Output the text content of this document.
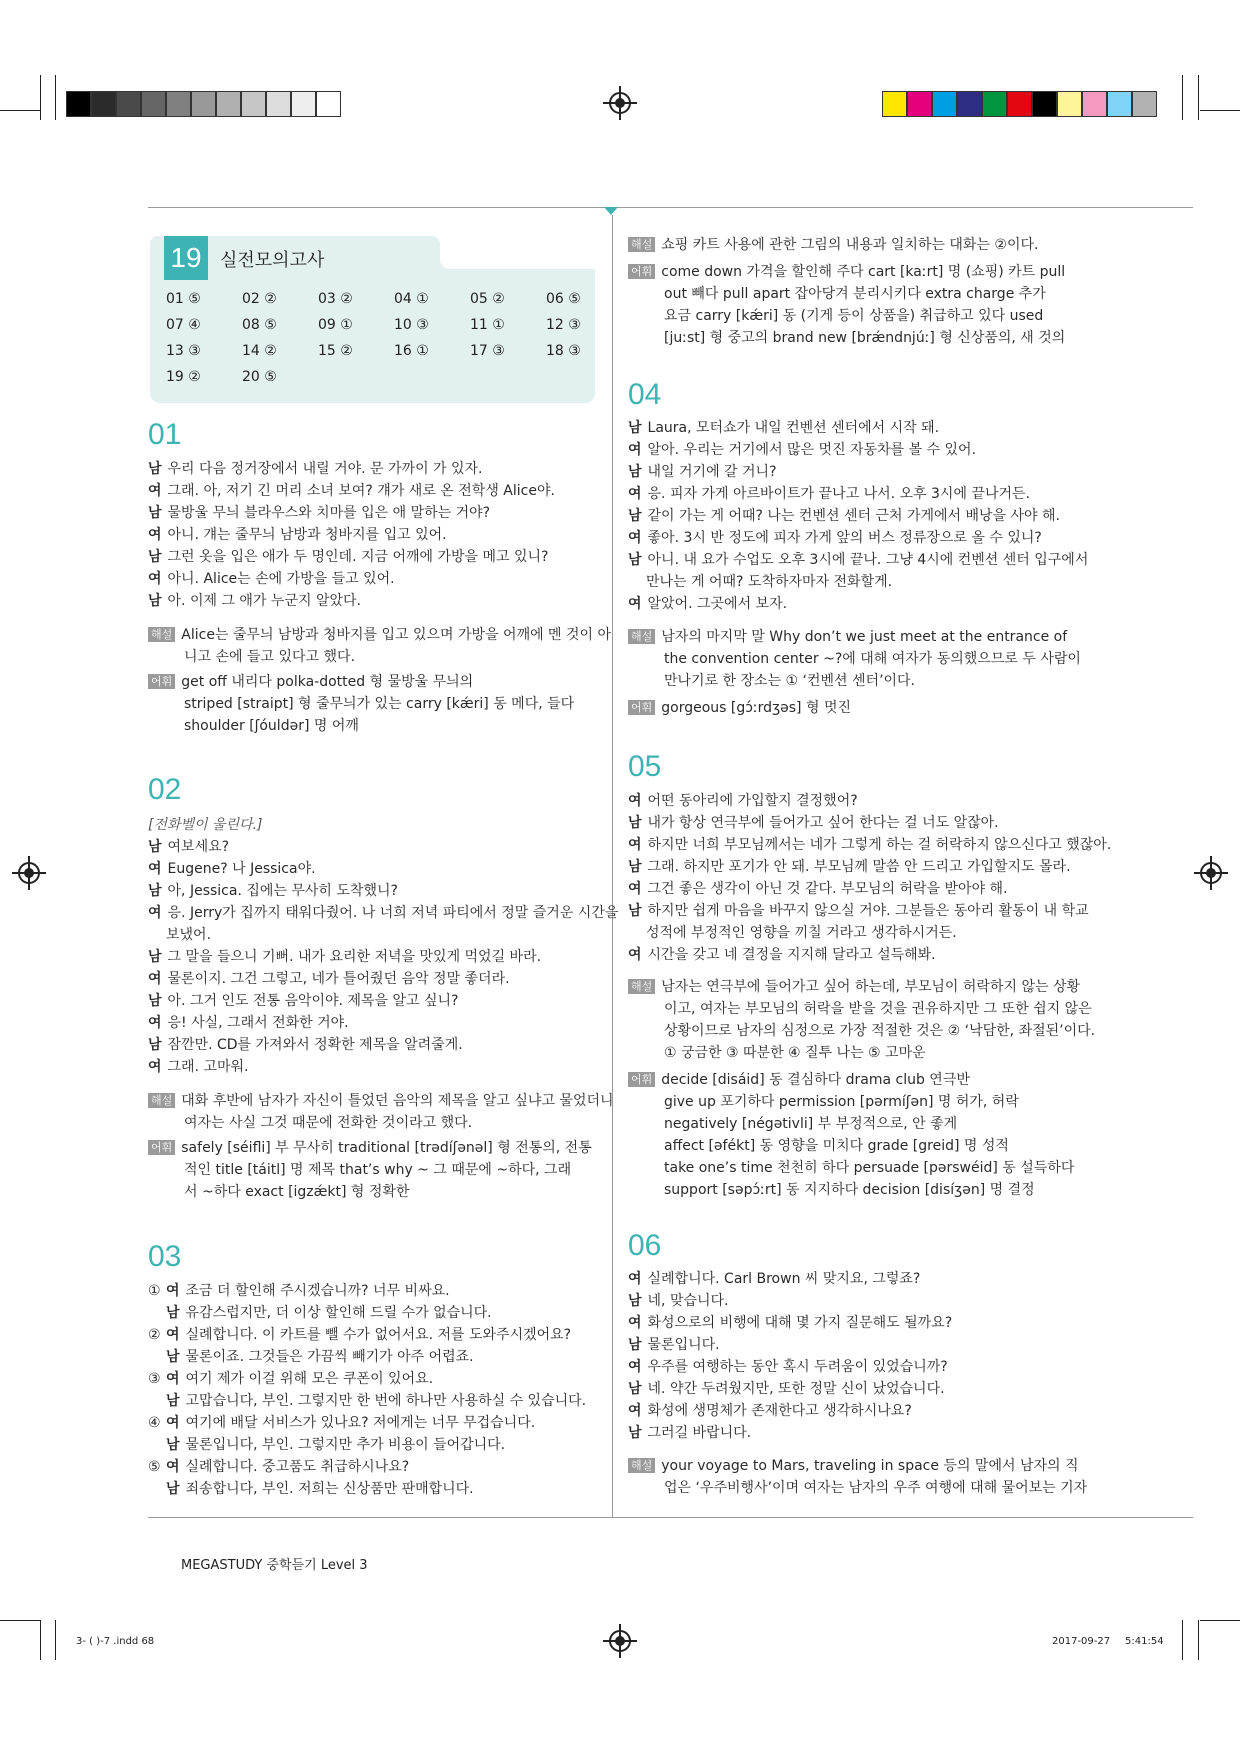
19	실전모의고사
01 ⑤	02 ②	03 ②	04 ①	05 ②	06 ⑤
07 ④	08 ⑤	09 ①	10 ③	11 ①	12 ③
13 ③	14 ②	15 ②	16 ①	17 ③	18 ③
19 ②	20 ⑤
01
남 우리 다음 정거장에서 내릴 거야. 문 가까이 가 있자.
여 그래. 아, 저기 긴 머리 소녀 보여? 걔가 새로 온 전학생 Alice야.
남 물방울 무늬 블라우스와 치마를 입은 애 말하는 거야?
여 아니. 걔는 줄무늬 남방과 청바지를 입고 있어.
남 그런 옷을 입은 애가 두 명인데. 지금 어깨에 가방을 메고 있니?
여 아니. Alice는 손에 가방을 들고 있어.
남 아. 이제 그 애가 누군지 알았다.
해설 Alice는 줄무늬 남방과 청바지를 입고 있으며 가방을 어깨에 멘 것이 아
니고 손에 들고 있다고 했다.
어휘 get off 내리다 polka-dotted 형 물방울 무늬의
striped [straipt] 형 줄무늬가 있는 carry [kǽri] 동 메다, 들다
shoulder [ʃóuldər] 명 어깨
02
[전화벨이 울린다.]
남 여보세요?
여 Eugene? 나 Jessica야.
남 아, Jessica. 집에는 무사히 도착했니?
여 응. Jerry가 집까지 태워다줬어. 나 너희 저녁 파티에서 정말 즐거운 시간을
보냈어.
남 그 말을 들으니 기뻐. 내가 요리한 저녁을 맛있게 먹었길 바라.
여 물론이지. 그건 그렇고, 네가 틀어줬던 음악 정말 좋더라.
남 아. 그거 인도 전통 음악이야. 제목을 알고 싶니?
여 응! 사실, 그래서 전화한 거야.
남 잠깐만. CD를 가져와서 정확한 제목을 알려줄게.
여 그래. 고마워.
해설 대화 후반에 남자가 자신이 틀었던 음악의 제목을 알고 싶냐고 물었더니
여자는 사실 그것 때문에 전화한 것이라고 했다.
어휘 safely [séifli] 부 무사히 traditional [trədíʃənəl] 형 전통의, 전통
적인 title [táitl] 명 제목 that’s why ~ 그 때문에 ~하다, 그래
서 ~하다 exact [igzǽkt] 형 정확한
03
① 여 조금 더 할인해 주시겠습니까? 너무 비싸요.
남 유감스럽지만, 더 이상 할인해 드릴 수가 없습니다.
② 여 실례합니다. 이 카트를 뺄 수가 없어서요. 저를 도와주시겠어요?
남 물론이죠. 그것들은 가끔씩 빼기가 아주 어렵죠.
③ 여 여기 제가 이걸 위해 모은 쿠폰이 있어요.
남 고맙습니다, 부인. 그렇지만 한 번에 하나만 사용하실 수 있습니다.
④ 여 여기에 배달 서비스가 있나요? 저에게는 너무 무겁습니다.
남 물론입니다, 부인. 그렇지만 추가 비용이 들어갑니다.
⑤ 여 실례합니다. 중고품도 취급하시나요?
남 죄송합니다, 부인. 저희는 신상품만 판매합니다.
해설 쇼핑 카트 사용에 관한 그림의 내용과 일치하는 대화는 ②이다.
어휘 come down 가격을 할인해 주다 cart [kaːrt] 명 (쇼핑) 카트 pull
out 빼다 pull apart 잡아당겨 분리시키다 extra charge 추가
요금 carry [kǽri] 동 (기게 등이 상품을) 취급하고 있다 used
[juːst] 형 중고의 brand new [brǽndnjúː] 형 신상품의, 새 것의
04
남 Laura, 모터쇼가 내일 컨벤션 센터에서 시작 돼.
여 알아. 우리는 거기에서 많은 멋진 자동차를 볼 수 있어.
남 내일 거기에 갈 거니?
여 응. 피자 가게 아르바이트가 끝나고 나서. 오후 3시에 끝나거든.
남 같이 가는 게 어때? 나는 컨벤션 센터 근처 가게에서 배낭을 사야 해.
여 좋아. 3시 반 정도에 피자 가게 앞의 버스 정류장으로 올 수 있니?
남 아니. 내 요가 수업도 오후 3시에 끝나. 그냥 4시에 컨벤션 센터 입구에서
만나는 게 어때? 도착하자마자 전화할게.
여 알았어. 그곳에서 보자.
해설 남자의 마지막 말 Why don’t we just meet at the entrance of
the convention center ~?에 대해 여자가 동의했으므로 두 사람이
만나기로 한 장소는 ① ‘컨벤션 센터’이다.
어휘 gorgeous [gɔ́ːrdʒəs] 형 멋진
05
여 어떤 동아리에 가입할지 결정했어?
남 내가 항상 연극부에 들어가고 싶어 한다는 걸 너도 알잖아.
여 하지만 너희 부모님께서는 네가 그렇게 하는 걸 허락하지 않으신다고 했잖아.
남 그래. 하지만 포기가 안 돼. 부모님께 말씀 안 드리고 가입할지도 몰라.
여 그건 좋은 생각이 아닌 것 같다. 부모님의 허락을 받아야 해.
남 하지만 쉽게 마음을 바꾸지 않으실 거야. 그분들은 동아리 활동이 내 학교
성적에 부정적인 영향을 끼칠 거라고 생각하시거든.
여 시간을 갖고 네 결정을 지지해 달라고 설득해봐.
해설 남자는 연극부에 들어가고 싶어 하는데, 부모님이 허락하지 않는 상황
이고, 여자는 부모님의 허락을 받을 것을 권유하지만 그 또한 쉽지 않은
상황이므로 남자의 심정으로 가장 적절한 것은 ② ‘낙담한, 좌절된’이다.
① 궁금한 ③ 따분한 ④ 질투 나는 ⑤ 고마운
어휘 decide [disáid] 동 결심하다 drama club 연극반
give up 포기하다 permission [pərmíʃən] 명 허가, 허락
negatively [négətivli] 부 부정적으로, 안 좋게
affect [əfékt] 동 영향을 미치다 grade [greid] 명 성적
take one’s time 천천히 하다 persuade [pərswéid] 동 설득하다
support [səpɔ́ːrt] 동 지지하다 decision [disíʒən] 명 결정
06
여 실례합니다. Carl Brown 씨 맞지요, 그렇죠?
남 네, 맞습니다.
여 화성으로의 비행에 대해 몇 가지 질문해도 될까요?
남 물론입니다.
여 우주를 여행하는 동안 혹시 두려움이 있었습니까?
남 네. 약간 두려웠지만, 또한 정말 신이 났었습니다.
여 화성에 생명체가 존재한다고 생각하시나요?
남 그러길 바랍니다.
해설 your voyage to Mars, traveling in space 등의 말에서 남자의 직
업은 ‘우주비행사’이며 여자는 남자의 우주 여행에 대해 물어보는 기자
MEGASTUDY 중학듣기 Level 3
3- ( )-7 .indd 68	2017-09-27 5:41:54
